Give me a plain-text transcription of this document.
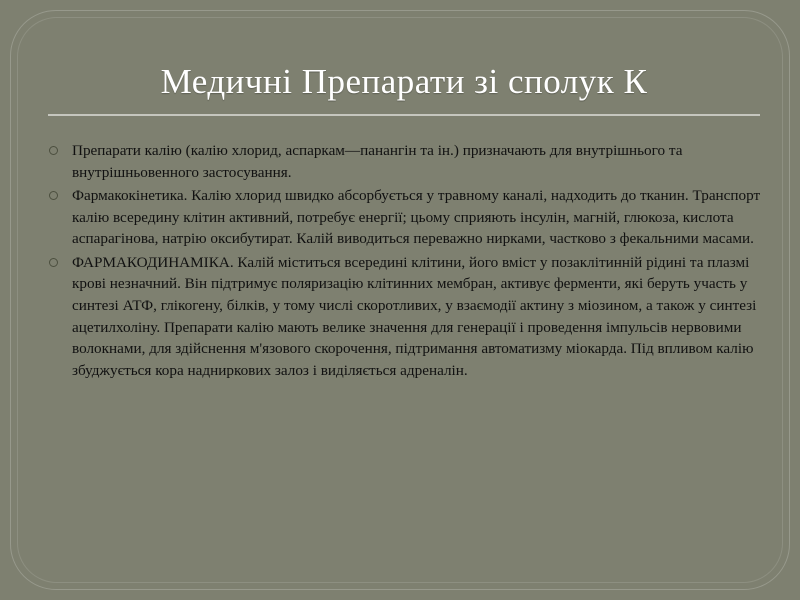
Медичні Препарати зі сполук К
Препарати калію (калію хлорид, аспаркам—панангін та ін.) призначають для внутрішнього та внутрішньовенного застосування.
Фармакокінетика. Калію хлорид швидко абсорбується у травному каналі, надходить до тканин. Транспорт калію всередину клітин активний, потребує енергії; цьому сприяють інсулін, магній, глюкоза, кислота аспарагінова, натрію оксибутират. Калій виводиться переважно нирками, частково з фекальними масами.
ФАРМАКОДИНАМІКА. Калій міститься всередині клітини, його вміст у позаклітинній рідині та плазмі крові незначний. Він підтримує поляризацію клітинних мембран, активує ферменти, які беруть участь у синтезі АТФ, глікогену, білків, у тому числі скоротливих, у взаємодії актину з міозином, а також у синтезі ацетилхоліну. Препарати калію мають велике значення для генерації і проведення імпульсів нервовими волокнами, для здійснення м'язового скорочення, підтримання автоматизму міокарда. Під впливом калію збуджується кора надниркових залоз і виділяється адреналін.
